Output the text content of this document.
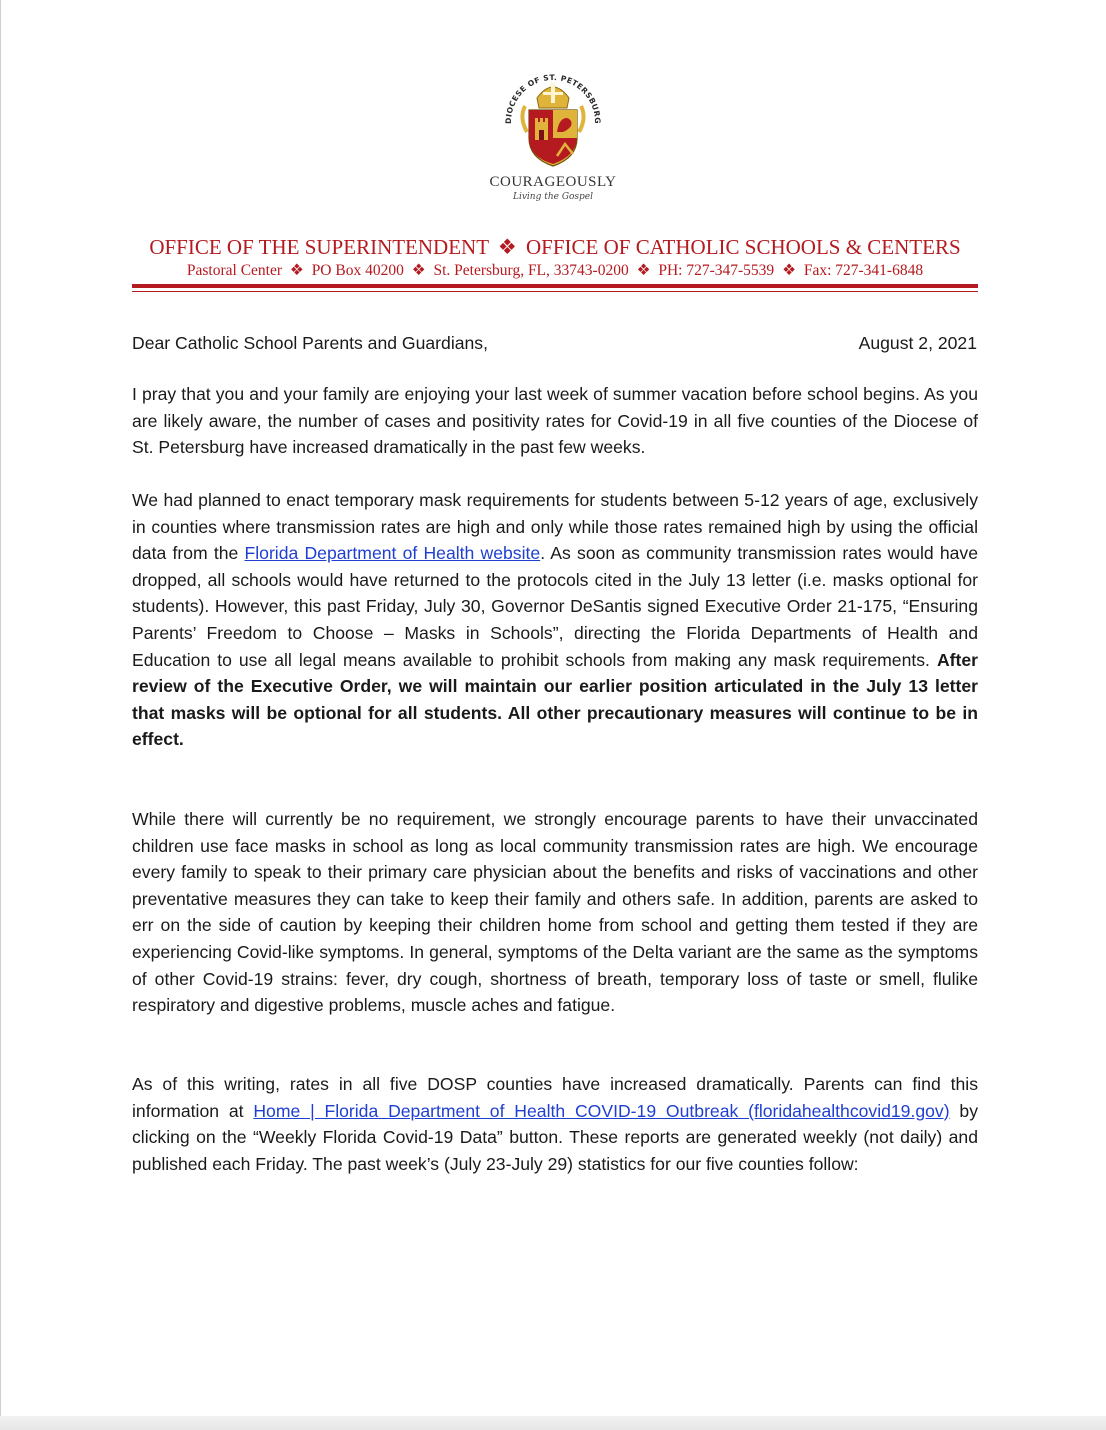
DIOCESE OF ST. PETERSBURG
COURAGEOUSLY
Living the Gospel
OFFICE OF THE SUPERINTENDENT ❖ OFFICE OF CATHOLIC SCHOOLS & CENTERS
Pastoral Center ❖ PO Box 40200 ❖ St. Petersburg, FL, 33743-0200 ❖ PH: 727-347-5539 ❖ Fax: 727-341-6848
Dear Catholic School Parents and Guardians,	August 2, 2021

I pray that you and your family are enjoying your last week of summer vacation before school begins. As you are likely aware, the number of cases and positivity rates for Covid-19 in all five counties of the Diocese of St. Petersburg have increased dramatically in the past few weeks.

We had planned to enact temporary mask requirements for students between 5-12 years of age, exclusively in counties where transmission rates are high and only while those rates remained high by using the official data from the Florida Department of Health website. As soon as community transmission rates would have dropped, all schools would have returned to the protocols cited in the July 13 letter (i.e. masks optional for students). However, this past Friday, July 30, Governor DeSantis signed Executive Order 21-175, “Ensuring Parents’ Freedom to Choose – Masks in Schools”, directing the Florida Departments of Health and Education to use all legal means available to prohibit schools from making any mask requirements. After review of the Executive Order, we will maintain our earlier position articulated in the July 13 letter that masks will be optional for all students. All other precautionary measures will continue to be in effect.

While there will currently be no requirement, we strongly encourage parents to have their unvaccinated children use face masks in school as long as local community transmission rates are high. We encourage every family to speak to their primary care physician about the benefits and risks of vaccinations and other preventative measures they can take to keep their family and others safe. In addition, parents are asked to err on the side of caution by keeping their children home from school and getting them tested if they are experiencing Covid-like symptoms. In general, symptoms of the Delta variant are the same as the symptoms of other Covid-19 strains: fever, dry cough, shortness of breath, temporary loss of taste or smell, flulike respiratory and digestive problems, muscle aches and fatigue.

As of this writing, rates in all five DOSP counties have increased dramatically. Parents can find this information at Home | Florida Department of Health COVID-19 Outbreak (floridahealthcovid19.gov) by clicking on the “Weekly Florida Covid-19 Data” button. These reports are generated weekly (not daily) and published each Friday. The past week’s (July 23-July 29) statistics for our five counties follow:
